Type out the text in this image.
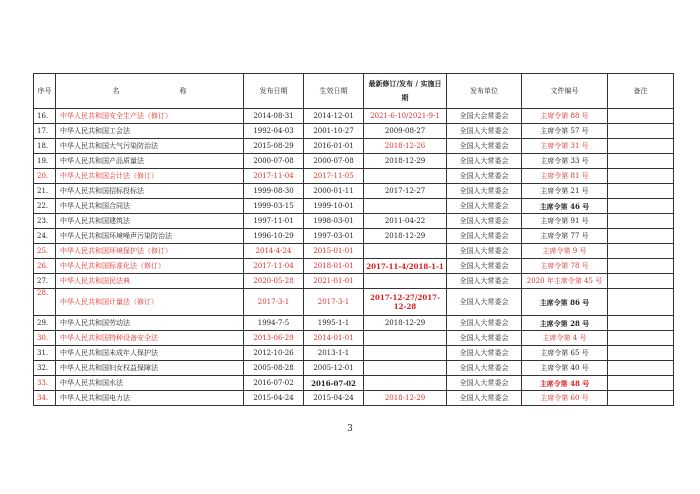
序号	名 称	发布日期	生效日期	最新修订/发布 / 实施日期	发布单位	文件编号	备注
16.	中华人民共和国安全生产法（修订）	2014-08-31	2014-12-01	2021-6-10/2021-9-1	全国大会常委会	主席令第 88 号	
17.	中华人民共和国工会法	1992-04-03	2001-10-27	2009-08-27	全国人大常委会	主席令第 57 号	
18.	中华人民共和国大气污染防治法	2015-08-29	2016-01-01	2018-12-26	全国人大常委会	主席令第 31 号	
19.	中华人民共和国产品质量法	2000-07-08	2000-07-08	2018-12-29	全国人大常委会	主席令第 33 号	
20.	中华人民共和国会计法（修订）	2017-11-04	2017-11-05		全国人大常委会	主席令第 81 号	
21.	中华人民共和国招标投标法	1999-08-30	2000-01-11	2017-12-27	全国人大常委会	主席令第 21 号	
22.	中华人民共和国合同法	1999-03-15	1999-10-01		全国人大常委会	主席令第 46 号	
23.	中华人民共和国建筑法	1997-11-01	1998-03-01	2011-04-22	全国人大常委会	主席令第 91 号	
24.	中华人民共和国环境噪声污染防治法	1996-10-29	1997-03-01	2018-12-29	全国人大常委会	主席令第 77 号	
25.	中华人民共和国环境保护法（修订）	2014-4-24	2015-01-01		全国人大常委会	主席令第 9 号	
26.	中华人民共和国标准化法（修订）	2017-11-04	2018-01-01	2017-11-4/2018-1-1	全国人大常委会	主席令第 78 号	
27.	中华人民共和国民法典	2020-05-28	2021-01-01		全国人大常委会	2020 年主席令第 45 号	
28.	中华人民共和国计量法（修订）	2017-3-1	2017-3-1	2017-12-27/2017-12-28	全国人大常委会	主席令第 86 号	
29.	中华人民共和国劳动法	1994-7-5	1995-1-1	2018-12-29	全国人大常委会	主席令第 28 号	
30.	中华人民共和国特种设备安全法	2013-06-29	2014-01-01		全国人大常委会	主席令第 4 号	
31.	中华人民共和国未成年人保护法	2012-10-26	2013-1-1		全国人大常委会	主席令第 65 号	
32.	中华人民共和国妇女权益保障法	2005-08-28	2005-12-01		全国人大常委会	主席令第 40 号	
33.	中华人民共和国水法	2016-07-02	2016-07-02		全国人大常委会	主席令第 48 号	
34.	中华人民共和国电力法	2015-04-24	2015-04-24	2018-12-29	全国人大常委会	主席令第 60 号	
3
